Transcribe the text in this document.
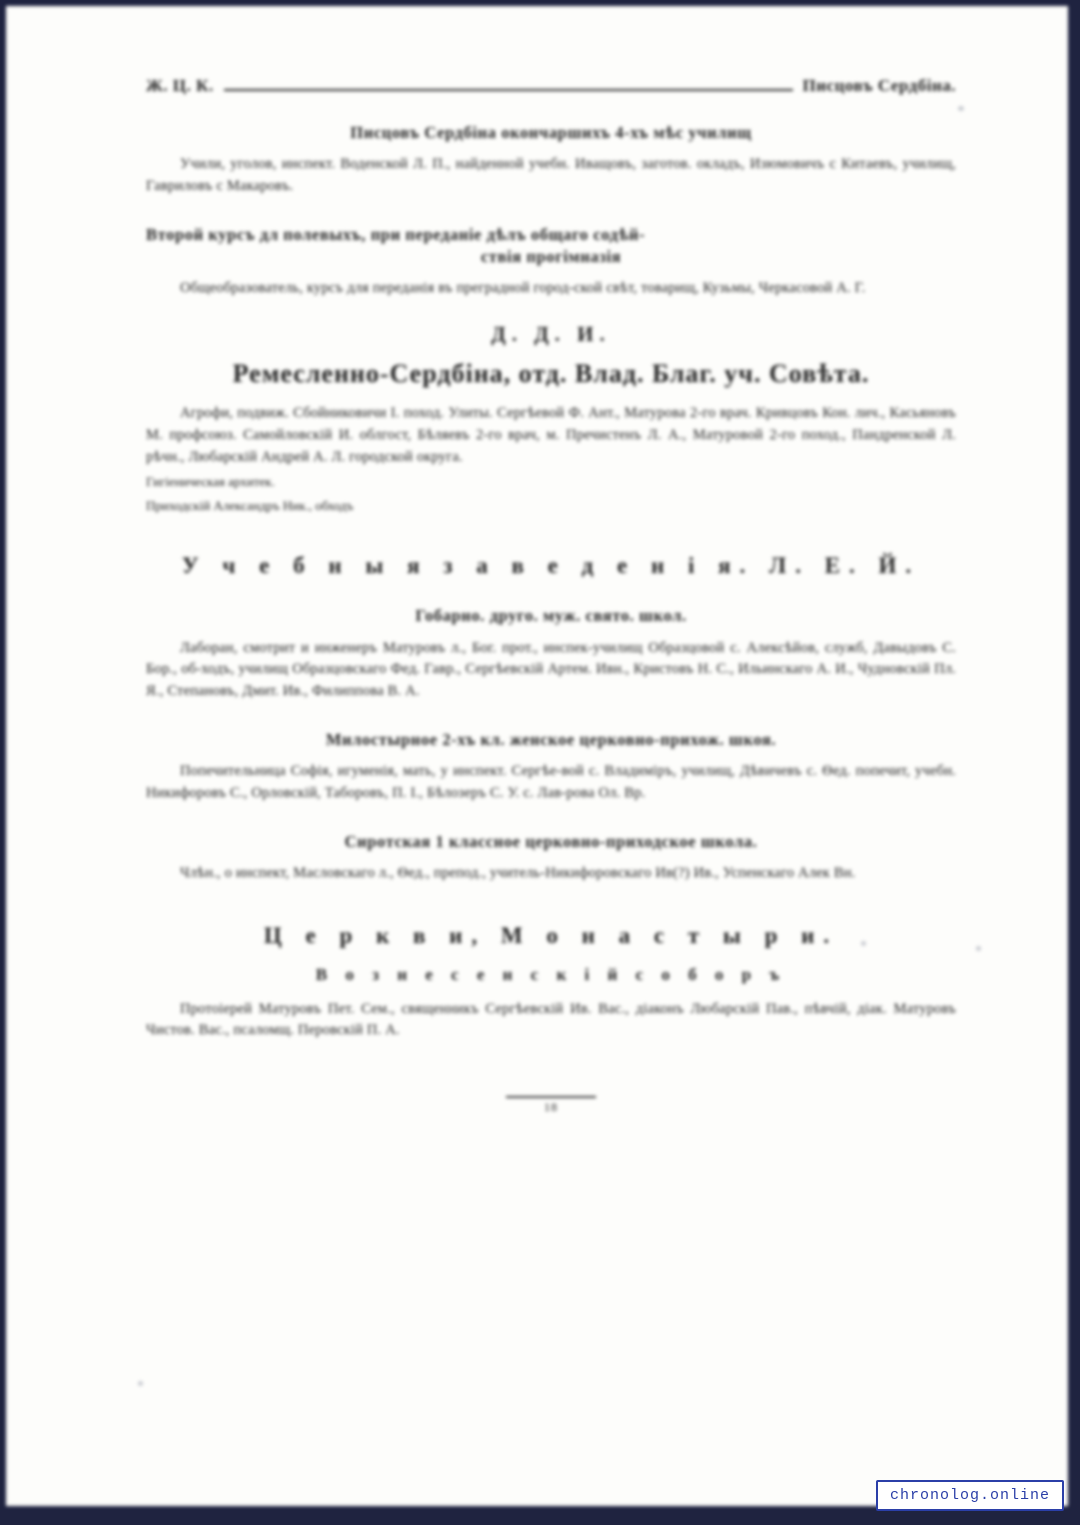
Ж. Ц. К.	Писцовъ Сердбіна.
Писцовъ Сердбіна окончаршихъ 4-хъ мѣс училищ

Учили, уголов, инспект. Воденской Л. П., найденной учебн. Иващовъ, заготов. окладъ, Изюмовичъ с Китаевъ, училищ, Гавриловъ с Макаровъ.

Второй курсъ дл полевыхъ, при переданіе дѣлъ общаго содѣй-
ствія прогімназія

Общеобразователь, курсъ для переданія въ преградной город-ской свѣт, товарищ, Кузьмы, Черкасовой А. Г.

Д. Д. И.
Ремесленно-Сердбіна, отд. Влад. Благ. уч. Совѣта.

Агрофи, подвиж. Сбойниковичи І. поход. Улиты. Сергѣевой Ф. Ант., Матурова 2-го врач. Кривцовъ Кон. лич., Касьяновъ М. профсоюз. Самойловскій И. облгост, Бѣляевъ 2-го врач, м. Пречистенъ Л. А., Матуровой 2-го поход., Пандренской Л. рѣчн., Любарскій Андрей А. Л. городской округа.

Гигіеническая архитек.
Приходскій Александръ Ник., обходъ
У ч е б н ы я з а в е д е н і я. Л. Е. Й.
Гобарно. друго. муж. свято. школ.

Лаборан, смотрит и инженеръ Матуровъ л., Бог. прот., инспек-училищ Образцовой с. Алексѣйов, служб, Давыдовъ С. Бор., об-ходъ, училищ Образцовскаго Фед. Гавр., Сергѣевскій Артем. Ивн., Кристовъ Н. С., Ильинскаго А. И., Чудновскій Пл. Я., Степановъ, Дмит. Ив., Филиппова В. А.

Милостырное 2-хъ кл. женское церковно-прихож. шкоя.

Попечительница Софія, игуменія, мать, у инспект. Сергѣе-вой с. Владиміръ, училищ, Дѣвичевъ с. Ѳед. попечит, учебн. Никифоровъ С., Орловскій, Таборовъ, П. І., Бѣлозеръ С. У. с. Лав-рова Ол. Вр.

Сиротская 1 классное церковно-приходскоe школа.

Члѣн., о инспект, Масловскаго л., Ѳед., препод., учитель-Никифоровскаго Ив(?) Ив., Успенскаго Алек Вн.

Ц е р к в и, М о н а с т ы р и.
В о з н е с е н с к і й с о б о р ъ

Протоіерей Матуровъ Пет. Сем., священникъ Сергѣевскій Ив. Вас., діаконъ Любарскій Пав., пѣвчій, діак. Матуровъ Чистов. Вас., псаломщ. Перовскій П. А.

18
chronolog.online
